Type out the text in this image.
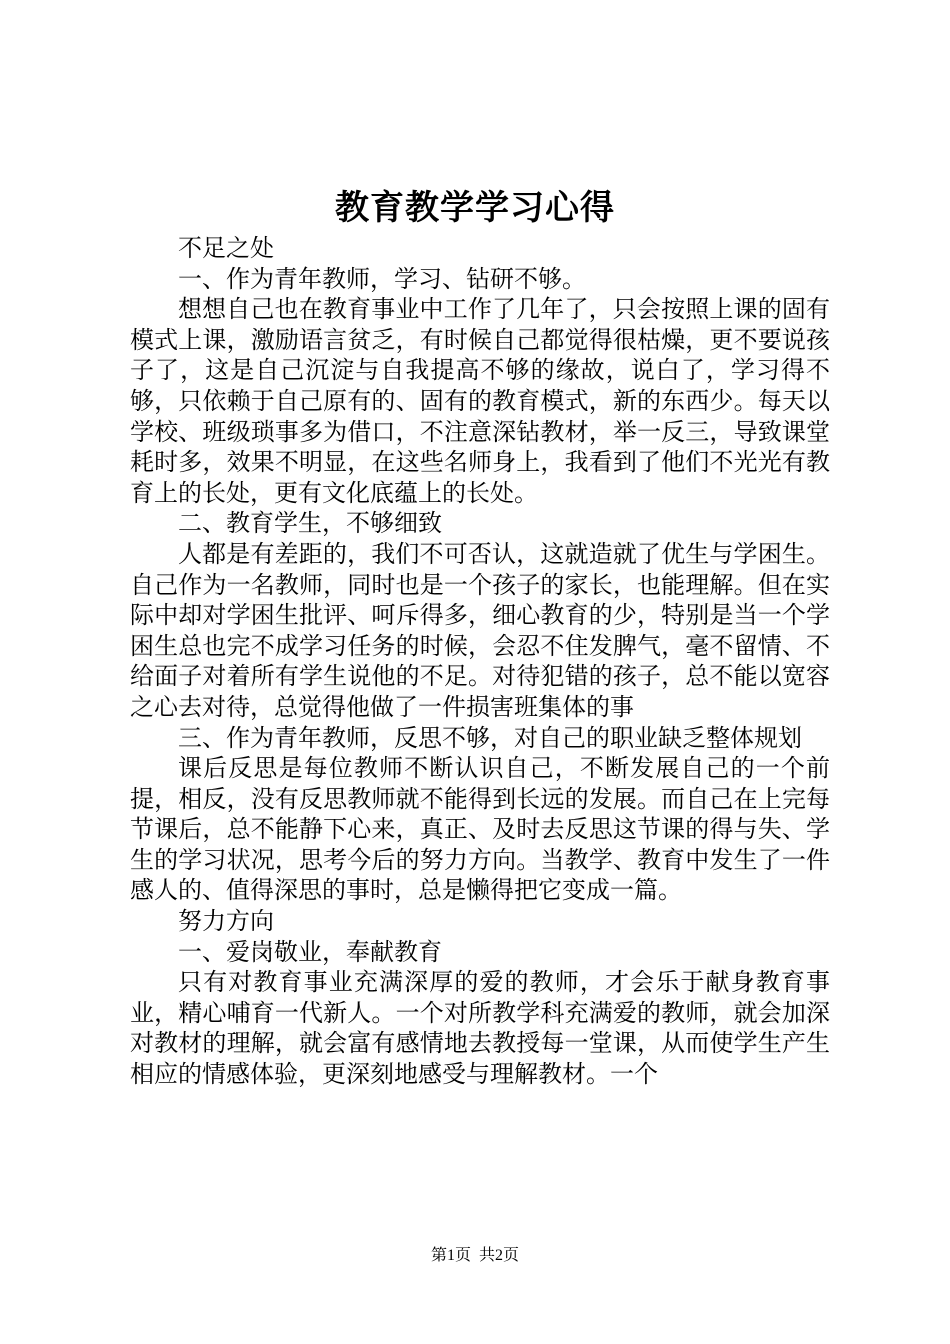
教育教学学习心得

不足之处

一、作为青年教师，学习、钻研不够。

想想自己也在教育事业中工作了几年了，只会按照上课的固有模式上课，激励语言贫乏，有时候自己都觉得很枯燥，更不要说孩子了，这是自己沉淀与自我提高不够的缘故，说白了，学习得不够，只依赖于自己原有的、固有的教育模式，新的东西少。每天以学校、班级琐事多为借口，不注意深钻教材，举一反三，导致课堂耗时多，效果不明显，在这些名师身上，我看到了他们不光光有教育上的长处，更有文化底蕴上的长处。

二、教育学生，不够细致

人都是有差距的，我们不可否认，这就造就了优生与学困生。自己作为一名教师，同时也是一个孩子的家长，也能理解。但在实际中却对学困生批评、呵斥得多，细心教育的少，特别是当一个学困生总也完不成学习任务的时候，会忍不住发脾气，毫不留情、不给面子对着所有学生说他的不足。对待犯错的孩子，总不能以宽容之心去对待，总觉得他做了一件损害班集体的事

三、作为青年教师，反思不够，对自己的职业缺乏整体规划

课后反思是每位教师不断认识自己，不断发展自己的一个前提，相反，没有反思教师就不能得到长远的发展。而自己在上完每节课后，总不能静下心来，真正、及时去反思这节课的得与失、学生的学习状况，思考今后的努力方向。当教学、教育中发生了一件感人的、值得深思的事时，总是懒得把它变成一篇。

努力方向

一、爱岗敬业，奉献教育

只有对教育事业充满深厚的爱的教师，才会乐于献身教育事业，精心哺育一代新人。一个对所教学科充满爱的教师，就会加深对教材的理解，就会富有感情地去教授每一堂课，从而使学生产生相应的情感体验，更深刻地感受与理解教材。一个

第1页 共2页
